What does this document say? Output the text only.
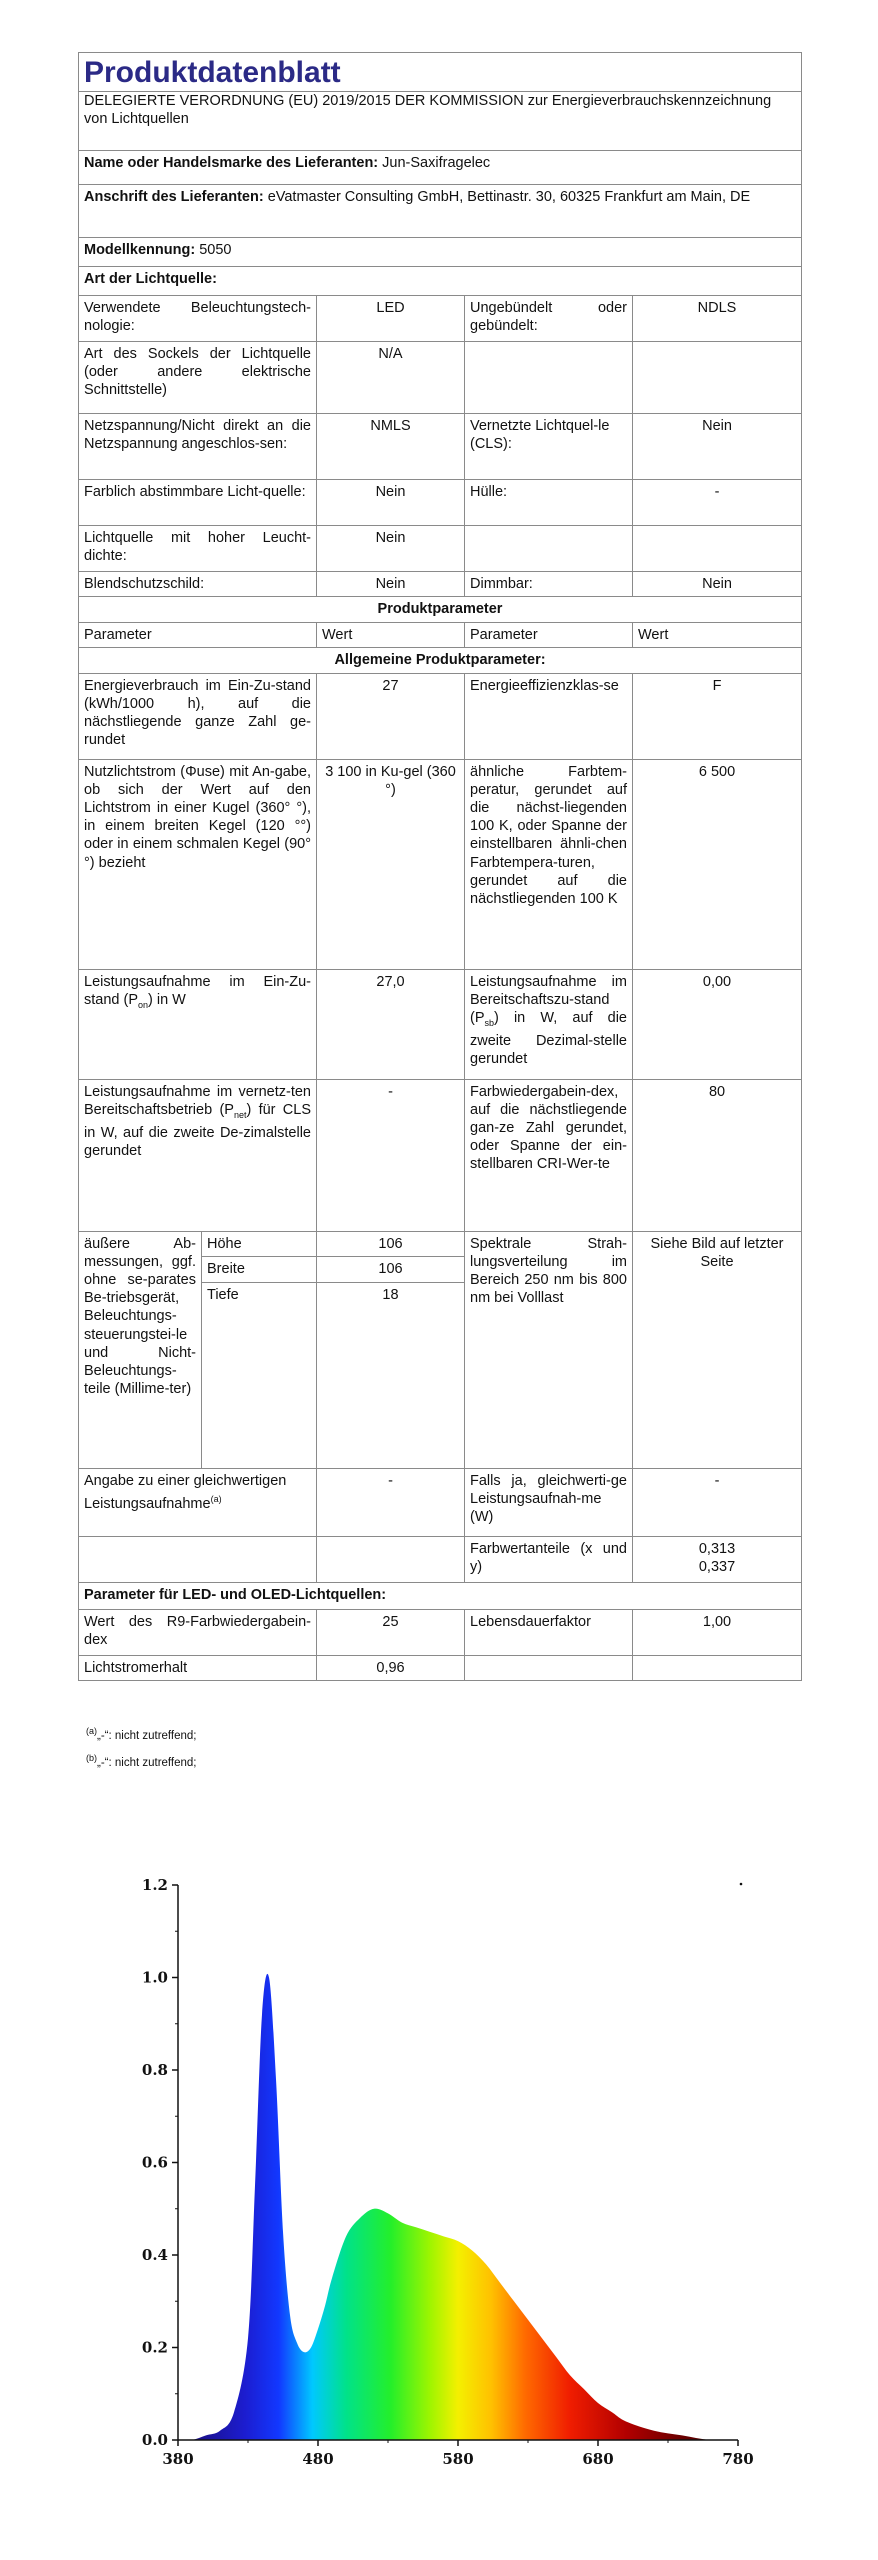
Produktdatenblatt				

DELEGIERTE VERORDNUNG (EU) 2019/2015 DER KOMMISSION zur Energieverbrauchskennzeichnung von Lichtquellen				
Name oder Handelsmarke des Lieferanten: Jun-Saxifragelec				
Anschrift des Lieferanten: eVatmaster Consulting GmbH, Bettinastr. 30, 60325 Frankfurt am Main, DE				
Modellkennung: 5050				
Art der Lichtquelle:				
Verwendete Beleuchtungstech-nologie:		LED	Ungebündelt oder gebündelt:	NDLS
Art des Sockels der Lichtquelle (oder andere elektrische Schnittstelle)		N/A		
Netzspannung/Nicht direkt an die Netzspannung angeschlos-sen:		NMLS	Vernetzte Lichtquel-le (CLS):	Nein
Farblich abstimmbare Licht-quelle:		Nein	Hülle:	-
Lichtquelle mit hoher Leucht-dichte:		Nein		
Blendschutzschild:		Nein	Dimmbar:	Nein
Produktparameter				
Parameter		Wert	Parameter	Wert
Allgemeine Produktparameter:				
Energieverbrauch im Ein-Zu-stand (kWh/1000 h), auf die nächstliegende ganze Zahl ge-rundet		27	Energieeffizienzklas-se	F
Nutzlichtstrom (Φuse) mit An-gabe, ob sich der Wert auf den Lichtstrom in einer Kugel (360° °), in einem breiten Kegel (120 °°) oder in einem schmalen Kegel (90° °) bezieht		3 100 in Ku-gel (360 °)	ähnliche Farbtem-peratur, gerundet auf die nächst-liegenden 100 K, oder Spanne der einstellbaren ähnli-chen Farbtempera-turen, gerundet auf die nächstliegenden 100 K	6 500
Leistungsaufnahme im Ein-Zu-stand $(P_{on})$ in W		27,0	Leistungsaufnahme im Bereitschaftszu-stand $(P_{sb})$ in W, auf die zweite Dezimal-stelle gerundet	0,00
Leistungsaufnahme im vernetz-ten Bereitschaftsbetrieb $(P_{net})$ für CLS in W, auf die zweite De-zimalstelle gerundet		-	Farbwiedergabein-dex, auf die nächstliegende gan-ze Zahl gerundet, oder Spanne der ein-stellbaren CRI-Wer-te	80
äußere Ab-messungen, ggf. ohne se-parates Be-triebsgerät, Beleuchtungs-steuerungstei-le und Nicht-Beleuchtungs-teile (Millime-ter)	Höhe	106	Spektrale Strah-lungsverteilung im Bereich 250 nm bis 800 nm bei Volllast	Siehe Bild auf letzter Seite
	Breite	106		
	Tiefe	18		
Angabe zu einer gleichwertigen Leistungsaufnahme$^{(a)}$		-	Falls ja, gleichwerti-ge Leistungsaufnah-me (W)	-
			Farbwertanteile (x und y)	0,313
0,337

Parameter für LED- und OLED-Lichtquellen:				
Wert des R9-Farbwiedergabein-dex		25	Lebensdauerfaktor	1,00
Lichtstromerhalt		0,96		
$^{(a)}$„-“: nicht zutreffend;
$^{(b)}$„-“: nicht zutreffend;
0.0
0.2
0.4
0.6
0.8
1.0
1.2
380	480	580	680	780
